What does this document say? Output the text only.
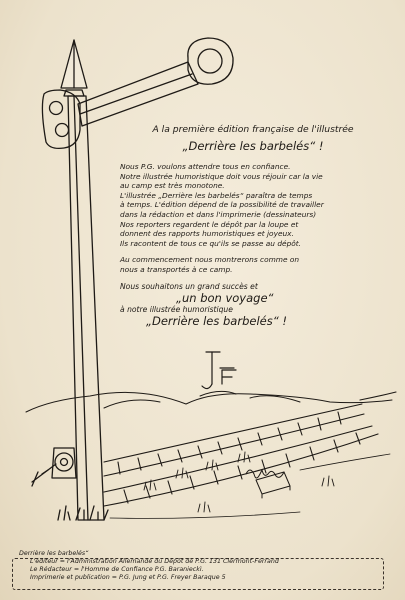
A la première édition française de l'illustrée

„Derrière les barbelés“ !

Nous P.G. voulons attendre tous en confiance.
Notre illustrée humoristique doit vous réjouir car la vie
au camp est très monotone.
L'illustrée „Derrière les barbelés“ paraîtra de temps
à temps. L'édition dépend de la possibilité de travailler
dans la rédaction et dans l'imprimerie (dessinateurs)
Nos reporters regardent le dépôt par la loupe et
donnent des rapports humoristiques et joyeux.
Ils racontent de tous ce qu'ils se passe au dépôt.
Au commencement nous montrerons comme on
nous a transportés à ce camp.

Nous souhaitons un grand succès et

„un bon voyage“

à notre illustrée humoristique

„Derrière les barbelés“ !

Derrière les barbelés“
L'éditeur = l'Administration Allemande du Dépôt de P.G. 131 Clermont-Ferrand
Le Rédacteur = l'Homme de Confiance P.G. Baranieckì.
Imprimerie et publication = P.G. Jung et P.G. Freyer Baraque 5
